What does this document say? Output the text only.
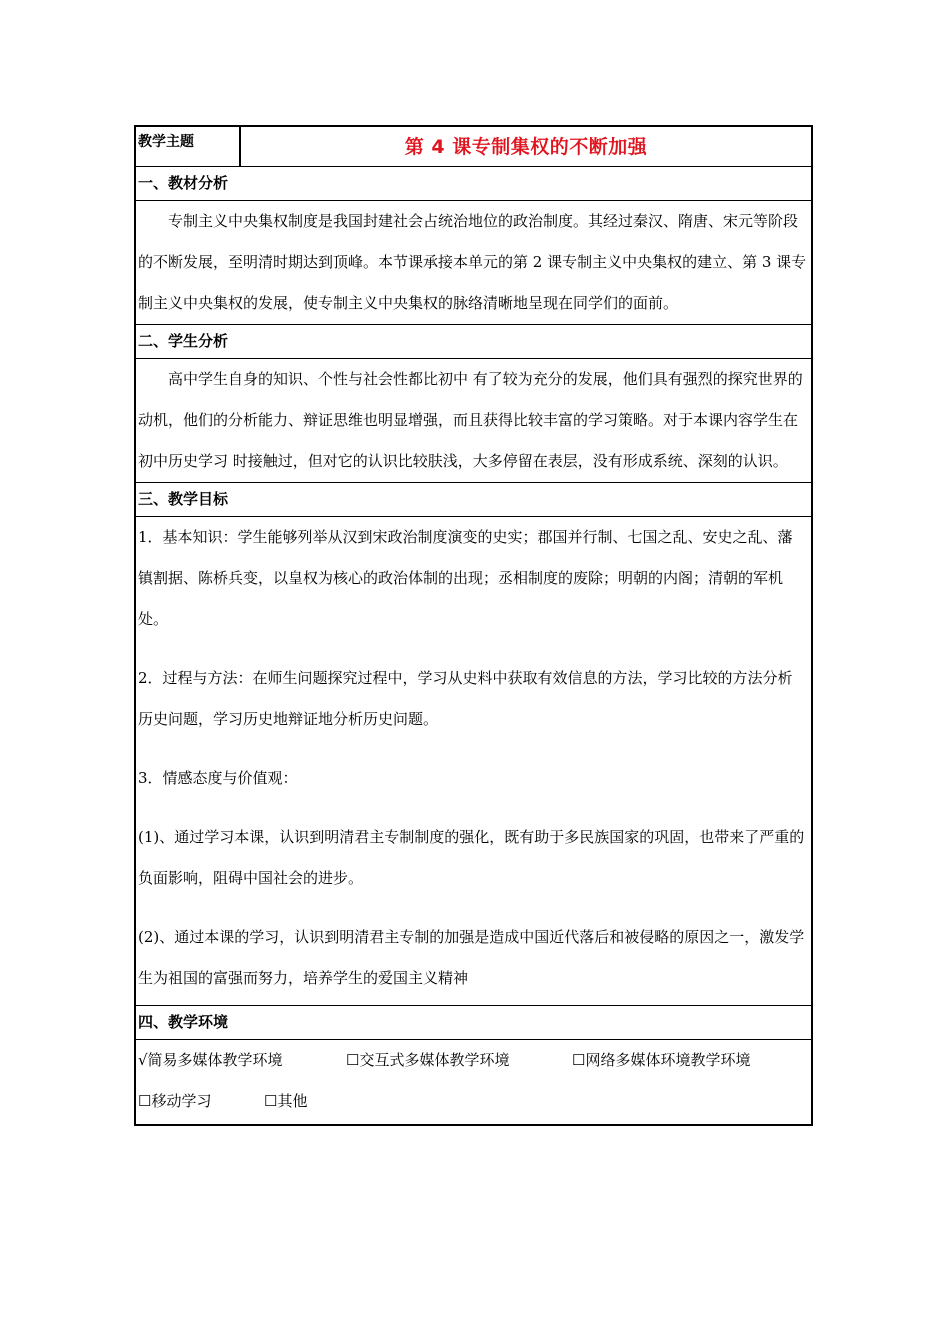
教学主题	第 4 课专制集权的不断加强
一、教材分析

专制主义中央集权制度是我国封建社会占统治地位的政治制度。其经过秦汉、隋唐、宋元等阶段的不断发展，至明清时期达到顶峰。本节课承接本单元的第 2 课专制主义中央集权的建立、第 3 课专制主义中央集权的发展，使专制主义中央集权的脉络清晰地呈现在同学们的面前。

二、学生分析

高中学生自身的知识、个性与社会性都比初中 有了较为充分的发展，他们具有强烈的探究世界的动机，他们的分析能力、辩证思维也明显增强，而且获得比较丰富的学习策略。对于本课内容学生在初中历史学习 时接触过，但对它的认识比较肤浅，大多停留在表层，没有形成系统、深刻的认识。

三、教学目标

1．基本知识：学生能够列举从汉到宋政治制度演变的史实；郡国并行制、七国之乱、安史之乱、藩镇割据、陈桥兵变，以皇权为核心的政治体制的出现；丞相制度的废除；明朝的内阁；清朝的军机处。

2．过程与方法：在师生问题探究过程中，学习从史料中获取有效信息的方法，学习比较的方法分析历史问题，学习历史地辩证地分析历史问题。

3．情感态度与价值观：

(1)、通过学习本课，认识到明清君主专制制度的强化，既有助于多民族国家的巩固，也带来了严重的负面影响，阻碍中国社会的进步。

(2)、通过本课的学习，认识到明清君主专制的加强是造成中国近代落后和被侵略的原因之一，激发学生为祖国的富强而努力，培养学生的爱国主义精神

四、教学环境
√简易多媒体教学环境	☐交互式多媒体教学环境	☐网络多媒体环境教学环境
☐移动学习	☐其他
